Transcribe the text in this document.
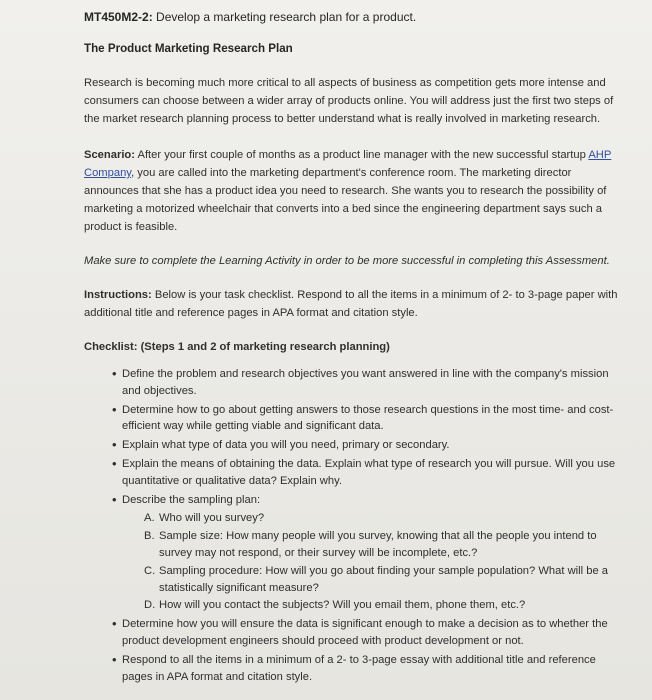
MT450M2-2: Develop a marketing research plan for a product.

The Product Marketing Research Plan

Research is becoming much more critical to all aspects of business as competition gets more intense and consumers can choose between a wider array of products online. You will address just the first two steps of the market research planning process to better understand what is really involved in marketing research.

Scenario: After your first couple of months as a product line manager with the new successful startup AHP Company, you are called into the marketing department's conference room. The marketing director announces that she has a product idea you need to research. She wants you to research the possibility of marketing a motorized wheelchair that converts into a bed since the engineering department says such a product is feasible.

Make sure to complete the Learning Activity in order to be more successful in completing this Assessment.

Instructions: Below is your task checklist. Respond to all the items in a minimum of 2- to 3-page paper with additional title and reference pages in APA format and citation style.

Checklist: (Steps 1 and 2 of marketing research planning)

• Define the problem and research objectives you want answered in line with the company's mission and objectives.
• Determine how to go about getting answers to those research questions in the most time- and cost-efficient way while getting viable and significant data.
• Explain what type of data you will you need, primary or secondary.
• Explain the means of obtaining the data. Explain what type of research you will pursue. Will you use quantitative or qualitative data? Explain why.
• Describe the sampling plan:
A. Who will you survey?
B. Sample size: How many people will you survey, knowing that all the people you intend to survey may not respond, or their survey will be incomplete, etc.?
C. Sampling procedure: How will you go about finding your sample population? What will be a statistically significant measure?
D. How will you contact the subjects? Will you email them, phone them, etc.?
• Determine how you will ensure the data is significant enough to make a decision as to whether the product development engineers should proceed with product development or not.
• Respond to all the items in a minimum of a 2- to 3-page essay with additional title and reference pages in APA format and citation style.
